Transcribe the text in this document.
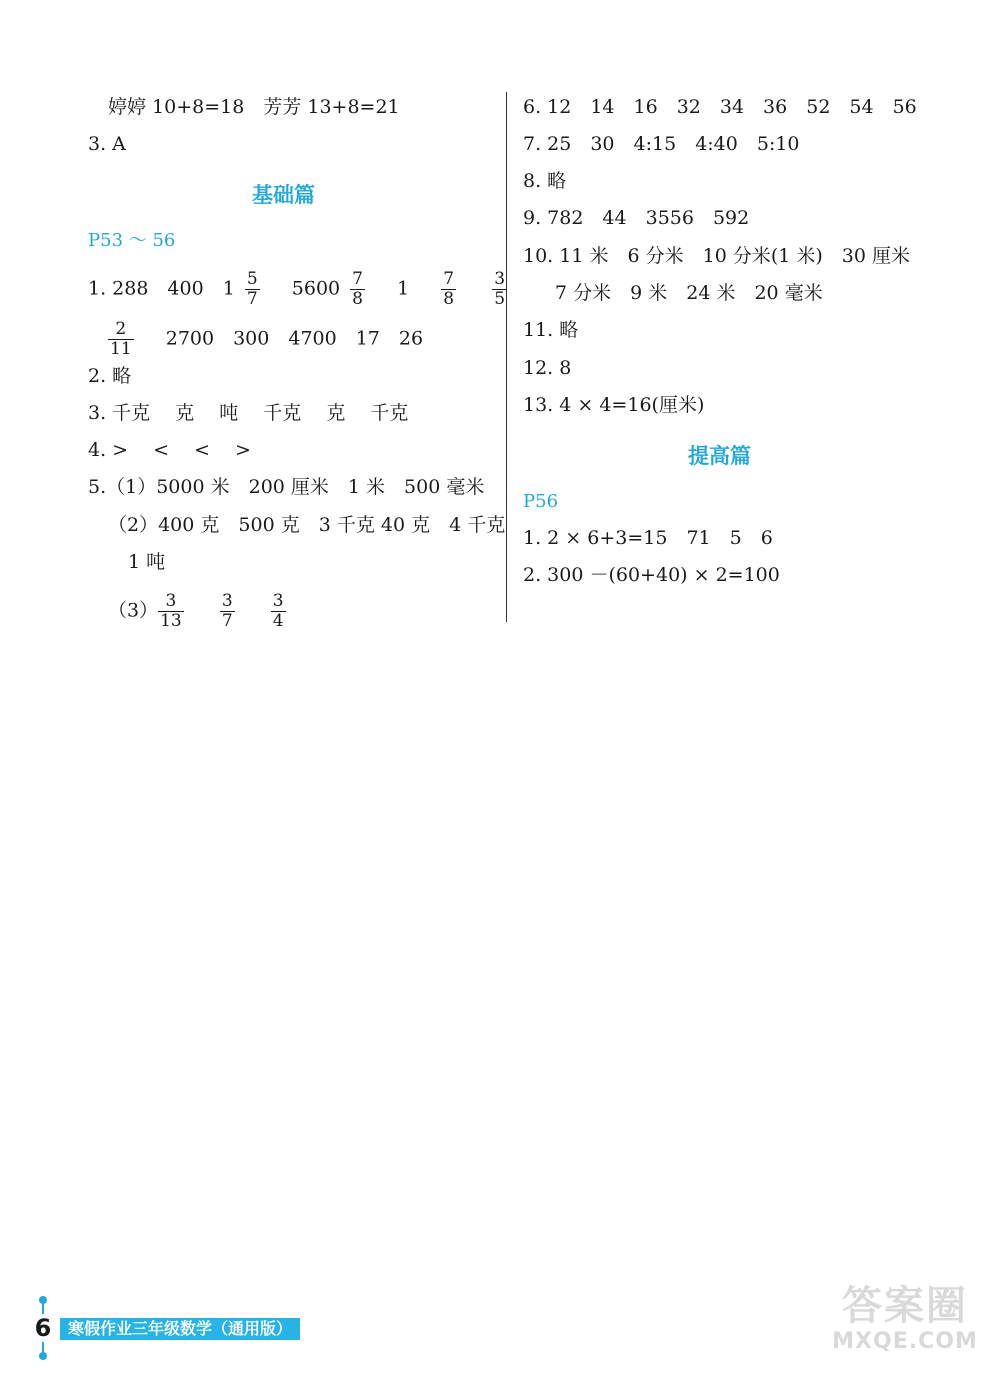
婷婷 10+8=18　芳芳 13+8=21
3. A
基础篇
P53 ～ 56
1. 288　400　$1 \frac{5}{7} 5600 \frac{7}{8} 1 \frac{7}{8}$
$\frac{3}{5}$
$\frac{2}{11} 2700$　300　4700　17　26
2. 略
3. 千克　 克　 吨　 千克　 克　 千克
4. >　 <　 <　 >
5.（1）5000 米　200 厘米　1 米　500 毫米
（2）400 克　500 克　3 千克 40 克　4 千克
1 吨
$(3) \frac{3}{13}$
$\frac{3}{7}$
$\frac{3}{4}$
6. 12　14　16　32　34　36　52　54　56
7. 25　30　4:15　4:40　5:10
8. 略
9. 782　44　3556　592
10. 11 米　6 分米　10 分米(1 米)　30 厘米
7 分米　9 米　24 米　20 毫米
11. 略
12. 8
13. 4 × 4=16(厘米)
提高篇
P56
1. 2 × 6+3=15　71　5　6
2. 300 －(60+40) × 2=100
6	寒假作业三年级数学（通用版）	答案圈
MXQE.COM
